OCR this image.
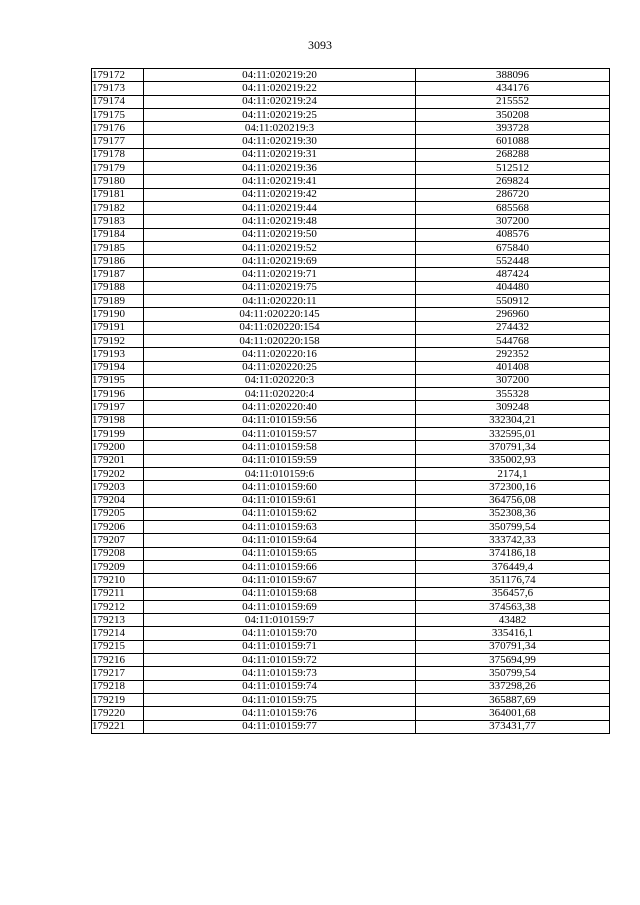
3093
179172	04:11:020219:20	388096
179173	04:11:020219:22	434176
179174	04:11:020219:24	215552
179175	04:11:020219:25	350208
179176	04:11:020219:3	393728
179177	04:11:020219:30	601088
179178	04:11:020219:31	268288
179179	04:11:020219:36	512512
179180	04:11:020219:41	269824
179181	04:11:020219:42	286720
179182	04:11:020219:44	685568
179183	04:11:020219:48	307200
179184	04:11:020219:50	408576
179185	04:11:020219:52	675840
179186	04:11:020219:69	552448
179187	04:11:020219:71	487424
179188	04:11:020219:75	404480
179189	04:11:020220:11	550912
179190	04:11:020220:145	296960
179191	04:11:020220:154	274432
179192	04:11:020220:158	544768
179193	04:11:020220:16	292352
179194	04:11:020220:25	401408
179195	04:11:020220:3	307200
179196	04:11:020220:4	355328
179197	04:11:020220:40	309248
179198	04:11:010159:56	332304,21
179199	04:11:010159:57	332595,01
179200	04:11:010159:58	370791,34
179201	04:11:010159:59	335002,93
179202	04:11:010159:6	2174,1
179203	04:11:010159:60	372300,16
179204	04:11:010159:61	364756,08
179205	04:11:010159:62	352308,36
179206	04:11:010159:63	350799,54
179207	04:11:010159:64	333742,33
179208	04:11:010159:65	374186,18
179209	04:11:010159:66	376449,4
179210	04:11:010159:67	351176,74
179211	04:11:010159:68	356457,6
179212	04:11:010159:69	374563,38
179213	04:11:010159:7	43482
179214	04:11:010159:70	335416,1
179215	04:11:010159:71	370791,34
179216	04:11:010159:72	375694,99
179217	04:11:010159:73	350799,54
179218	04:11:010159:74	337298,26
179219	04:11:010159:75	365887,69
179220	04:11:010159:76	364001,68
179221	04:11:010159:77	373431,77
